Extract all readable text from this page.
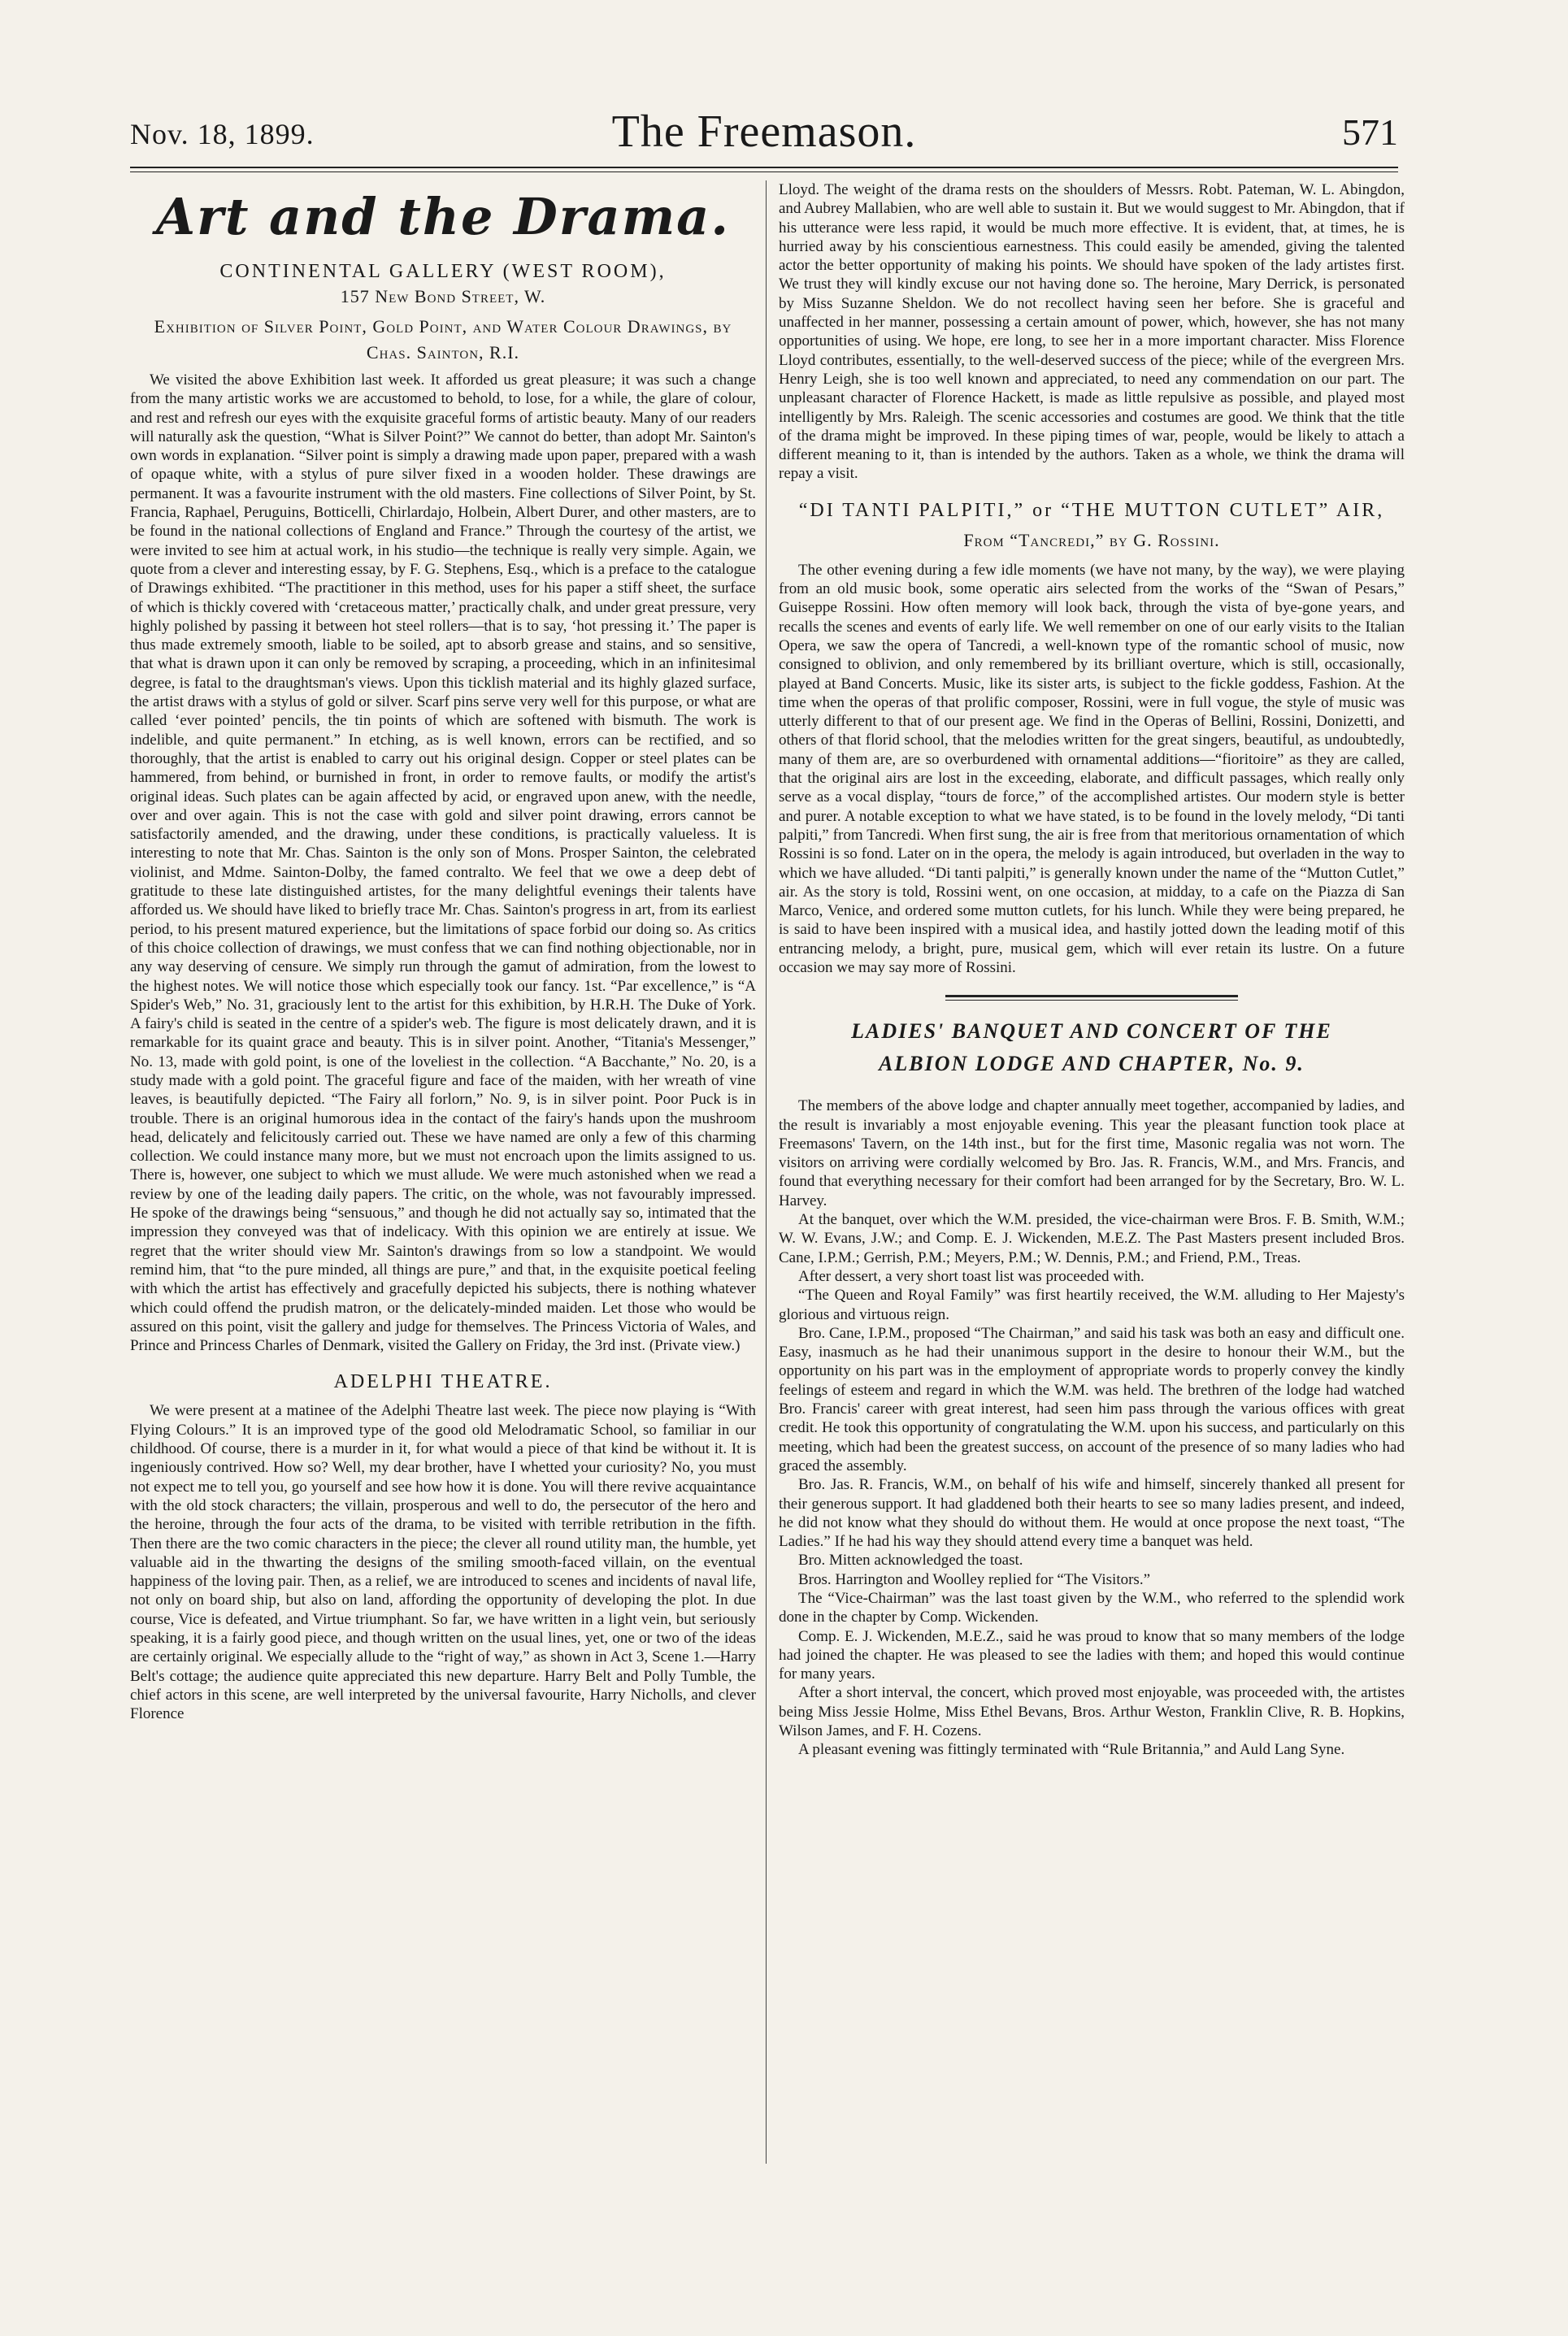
Nov. 18, 1899.	The Freemason.	571
Art and the Drama.
CONTINENTAL GALLERY (WEST ROOM),
157 New Bond Street, W.
Exhibition of Silver Point, Gold Point, and Water Colour Drawings, by Chas. Sainton, R.I.

We visited the above Exhibition last week. It afforded us great pleasure; it was such a change from the many artistic works we are accustomed to behold, to lose, for a while, the glare of colour, and rest and refresh our eyes with the exquisite graceful forms of artistic beauty. Many of our readers will naturally ask the question, “What is Silver Point?” We cannot do better, than adopt Mr. Sainton's own words in explanation. “Silver point is simply a drawing made upon paper, prepared with a wash of opaque white, with a stylus of pure silver fixed in a wooden holder. These drawings are permanent. It was a favourite instrument with the old masters. Fine collections of Silver Point, by St. Francia, Raphael, Peruguins, Botticelli, Chirlardajo, Holbein, Albert Durer, and other masters, are to be found in the national collections of England and France.” Through the courtesy of the artist, we were invited to see him at actual work, in his studio—the technique is really very simple. Again, we quote from a clever and interesting essay, by F. G. Stephens, Esq., which is a preface to the catalogue of Drawings exhibited. “The practitioner in this method, uses for his paper a stiff sheet, the surface of which is thickly covered with ‘cretaceous matter,’ practically chalk, and under great pressure, very highly polished by passing it between hot steel rollers—that is to say, ‘hot pressing it.’ The paper is thus made extremely smooth, liable to be soiled, apt to absorb grease and stains, and so sensitive, that what is drawn upon it can only be removed by scraping, a proceeding, which in an infinitesimal degree, is fatal to the draughtsman's views. Upon this ticklish material and its highly glazed surface, the artist draws with a stylus of gold or silver. Scarf pins serve very well for this purpose, or what are called ‘ever pointed’ pencils, the tin points of which are softened with bismuth. The work is indelible, and quite permanent.” In etching, as is well known, errors can be rectified, and so thoroughly, that the artist is enabled to carry out his original design. Copper or steel plates can be hammered, from behind, or burnished in front, in order to remove faults, or modify the artist's original ideas. Such plates can be again affected by acid, or engraved upon anew, with the needle, over and over again. This is not the case with gold and silver point drawing, errors cannot be satisfactorily amended, and the drawing, under these conditions, is practically valueless. It is interesting to note that Mr. Chas. Sainton is the only son of Mons. Prosper Sainton, the celebrated violinist, and Mdme. Sainton-Dolby, the famed contralto. We feel that we owe a deep debt of gratitude to these late distinguished artistes, for the many delightful evenings their talents have afforded us. We should have liked to briefly trace Mr. Chas. Sainton's progress in art, from its earliest period, to his present matured experience, but the limitations of space forbid our doing so. As critics of this choice collection of drawings, we must confess that we can find nothing objectionable, nor in any way deserving of censure. We simply run through the gamut of admiration, from the lowest to the highest notes. We will notice those which especially took our fancy. 1st. “Par excellence,” is “A Spider's Web,” No. 31, graciously lent to the artist for this exhibition, by H.R.H. The Duke of York. A fairy's child is seated in the centre of a spider's web. The figure is most delicately drawn, and it is remarkable for its quaint grace and beauty. This is in silver point. Another, “Titania's Messenger,” No. 13, made with gold point, is one of the loveliest in the collection. “A Bacchante,” No. 20, is a study made with a gold point. The graceful figure and face of the maiden, with her wreath of vine leaves, is beautifully depicted. “The Fairy all forlorn,” No. 9, is in silver point. Poor Puck is in trouble. There is an original humorous idea in the contact of the fairy's hands upon the mushroom head, delicately and felicitously carried out. These we have named are only a few of this charming collection. We could instance many more, but we must not encroach upon the limits assigned to us. There is, however, one subject to which we must allude. We were much astonished when we read a review by one of the leading daily papers. The critic, on the whole, was not favourably impressed. He spoke of the drawings being “sensuous,” and though he did not actually say so, intimated that the impression they conveyed was that of indelicacy. With this opinion we are entirely at issue. We regret that the writer should view Mr. Sainton's drawings from so low a standpoint. We would remind him, that “to the pure minded, all things are pure,” and that, in the exquisite poetical feeling with which the artist has effectively and gracefully depicted his subjects, there is nothing whatever which could offend the prudish matron, or the delicately-minded maiden. Let those who would be assured on this point, visit the gallery and judge for themselves. The Princess Victoria of Wales, and Prince and Princess Charles of Denmark, visited the Gallery on Friday, the 3rd inst. (Private view.)

ADELPHI THEATRE.

We were present at a matinee of the Adelphi Theatre last week. The piece now playing is “With Flying Colours.” It is an improved type of the good old Melodramatic School, so familiar in our childhood. Of course, there is a murder in it, for what would a piece of that kind be without it. It is ingeniously contrived. How so? Well, my dear brother, have I whetted your curiosity? No, you must not expect me to tell you, go yourself and see how how it is done. You will there revive acquaintance with the old stock characters; the villain, prosperous and well to do, the persecutor of the hero and the heroine, through the four acts of the drama, to be visited with terrible retribution in the fifth. Then there are the two comic characters in the piece; the clever all round utility man, the humble, yet valuable aid in the thwarting the designs of the smiling smooth-faced villain, on the eventual happiness of the loving pair. Then, as a relief, we are introduced to scenes and incidents of naval life, not only on board ship, but also on land, affording the opportunity of developing the plot. In due course, Vice is defeated, and Virtue triumphant. So far, we have written in a light vein, but seriously speaking, it is a fairly good piece, and though written on the usual lines, yet, one or two of the ideas are certainly original. We especially allude to the “right of way,” as shown in Act 3, Scene 1.—Harry Belt's cottage; the audience quite appreciated this new departure. Harry Belt and Polly Tumble, the chief actors in this scene, are well interpreted by the universal favourite, Harry Nicholls, and clever Florence

Lloyd. The weight of the drama rests on the shoulders of Messrs. Robt. Pateman, W. L. Abingdon, and Aubrey Mallabien, who are well able to sustain it. But we would suggest to Mr. Abingdon, that if his utterance were less rapid, it would be much more effective. It is evident, that, at times, he is hurried away by his conscientious earnestness. This could easily be amended, giving the talented actor the better opportunity of making his points. We should have spoken of the lady artistes first. We trust they will kindly excuse our not having done so. The heroine, Mary Derrick, is personated by Miss Suzanne Sheldon. We do not recollect having seen her before. She is graceful and unaffected in her manner, possessing a certain amount of power, which, however, she has not many opportunities of using. We hope, ere long, to see her in a more important character. Miss Florence Lloyd contributes, essentially, to the well-deserved success of the piece; while of the evergreen Mrs. Henry Leigh, she is too well known and appreciated, to need any commendation on our part. The unpleasant character of Florence Hackett, is made as little repulsive as possible, and played most intelligently by Mrs. Raleigh. The scenic accessories and costumes are good. We think that the title of the drama might be improved. In these piping times of war, people, would be likely to attach a different meaning to it, than is intended by the authors. Taken as a whole, we think the drama will repay a visit.

“DI TANTI PALPITI,” or “THE MUTTON CUTLET” AIR,
From “Tancredi,” by G. Rossini.

The other evening during a few idle moments (we have not many, by the way), we were playing from an old music book, some operatic airs selected from the works of the “Swan of Pesars,” Guiseppe Rossini. How often memory will look back, through the vista of bye-gone years, and recalls the scenes and events of early life. We well remember on one of our early visits to the Italian Opera, we saw the opera of Tancredi, a well-known type of the romantic school of music, now consigned to oblivion, and only remembered by its brilliant overture, which is still, occasionally, played at Band Concerts. Music, like its sister arts, is subject to the fickle goddess, Fashion. At the time when the operas of that prolific composer, Rossini, were in full vogue, the style of music was utterly different to that of our present age. We find in the Operas of Bellini, Rossini, Donizetti, and others of that florid school, that the melodies written for the great singers, beautiful, as undoubtedly, many of them are, are so overburdened with ornamental additions—“fioritoire” as they are called, that the original airs are lost in the exceeding, elaborate, and difficult passages, which really only serve as a vocal display, “tours de force,” of the accomplished artistes. Our modern style is better and purer. A notable exception to what we have stated, is to be found in the lovely melody, “Di tanti palpiti,” from Tancredi. When first sung, the air is free from that meritorious ornamentation of which Rossini is so fond. Later on in the opera, the melody is again introduced, but overladen in the way to which we have alluded. “Di tanti palpiti,” is generally known under the name of the “Mutton Cutlet,” air. As the story is told, Rossini went, on one occasion, at midday, to a cafe on the Piazza di San Marco, Venice, and ordered some mutton cutlets, for his lunch. While they were being prepared, he is said to have been inspired with a musical idea, and hastily jotted down the leading motif of this entrancing melody, a bright, pure, musical gem, which will ever retain its lustre. On a future occasion we may say more of Rossini.

LADIES' BANQUET AND CONCERT OF THE
ALBION LODGE AND CHAPTER, No. 9.

The members of the above lodge and chapter annually meet together, accompanied by ladies, and the result is invariably a most enjoyable evening. This year the pleasant function took place at Freemasons' Tavern, on the 14th inst., but for the first time, Masonic regalia was not worn. The visitors on arriving were cordially welcomed by Bro. Jas. R. Francis, W.M., and Mrs. Francis, and found that everything necessary for their comfort had been arranged for by the Secretary, Bro. W. L. Harvey.

At the banquet, over which the W.M. presided, the vice-chairman were Bros. F. B. Smith, W.M.; W. W. Evans, J.W.; and Comp. E. J. Wickenden, M.E.Z. The Past Masters present included Bros. Cane, I.P.M.; Gerrish, P.M.; Meyers, P.M.; W. Dennis, P.M.; and Friend, P.M., Treas.

After dessert, a very short toast list was proceeded with.

“The Queen and Royal Family” was first heartily received, the W.M. alluding to Her Majesty's glorious and virtuous reign.

Bro. Cane, I.P.M., proposed “The Chairman,” and said his task was both an easy and difficult one. Easy, inasmuch as he had their unanimous support in the desire to honour their W.M., but the opportunity on his part was in the employment of appropriate words to properly convey the kindly feelings of esteem and regard in which the W.M. was held. The brethren of the lodge had watched Bro. Francis' career with great interest, had seen him pass through the various offices with great credit. He took this opportunity of congratulating the W.M. upon his success, and particularly on this meeting, which had been the greatest success, on account of the presence of so many ladies who had graced the assembly.

Bro. Jas. R. Francis, W.M., on behalf of his wife and himself, sincerely thanked all present for their generous support. It had gladdened both their hearts to see so many ladies present, and indeed, he did not know what they should do without them. He would at once propose the next toast, “The Ladies.” If he had his way they should attend every time a banquet was held.

Bro. Mitten acknowledged the toast.

Bros. Harrington and Woolley replied for “The Visitors.”

The “Vice-Chairman” was the last toast given by the W.M., who referred to the splendid work done in the chapter by Comp. Wickenden.

Comp. E. J. Wickenden, M.E.Z., said he was proud to know that so many members of the lodge had joined the chapter. He was pleased to see the ladies with them; and hoped this would continue for many years.

After a short interval, the concert, which proved most enjoyable, was proceeded with, the artistes being Miss Jessie Holme, Miss Ethel Bevans, Bros. Arthur Weston, Franklin Clive, R. B. Hopkins, Wilson James, and F. H. Cozens.

A pleasant evening was fittingly terminated with “Rule Britannia,” and Auld Lang Syne.
